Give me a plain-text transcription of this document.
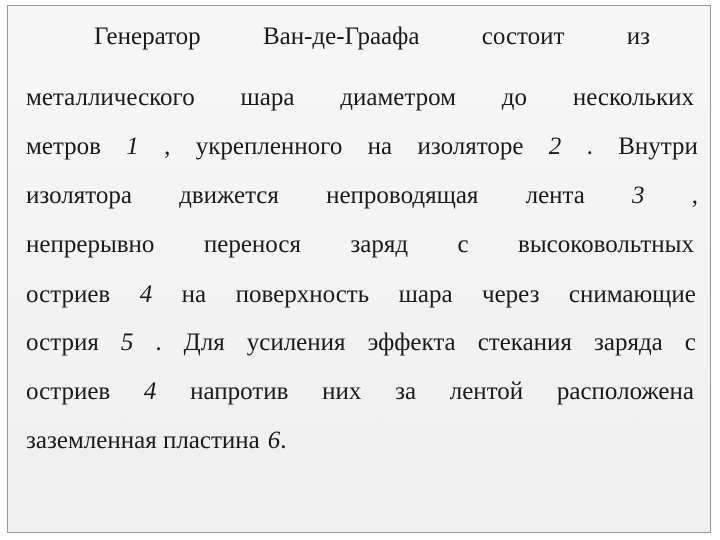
Генератор Ван-де-Граафа состоит из
металлического шара диаметром до нескольких
метров 1 , укрепленного на изоляторе 2 . Внутри
изолятора движется непроводящая лента 3 ,
непрерывно перенося заряд с высоковольтных
остриев 4 на поверхность шара через снимающие
острия 5 . Для усиления эффекта стекания заряда с
остриев 4 напротив них за лентой расположена
заземленная пластина 6 .
